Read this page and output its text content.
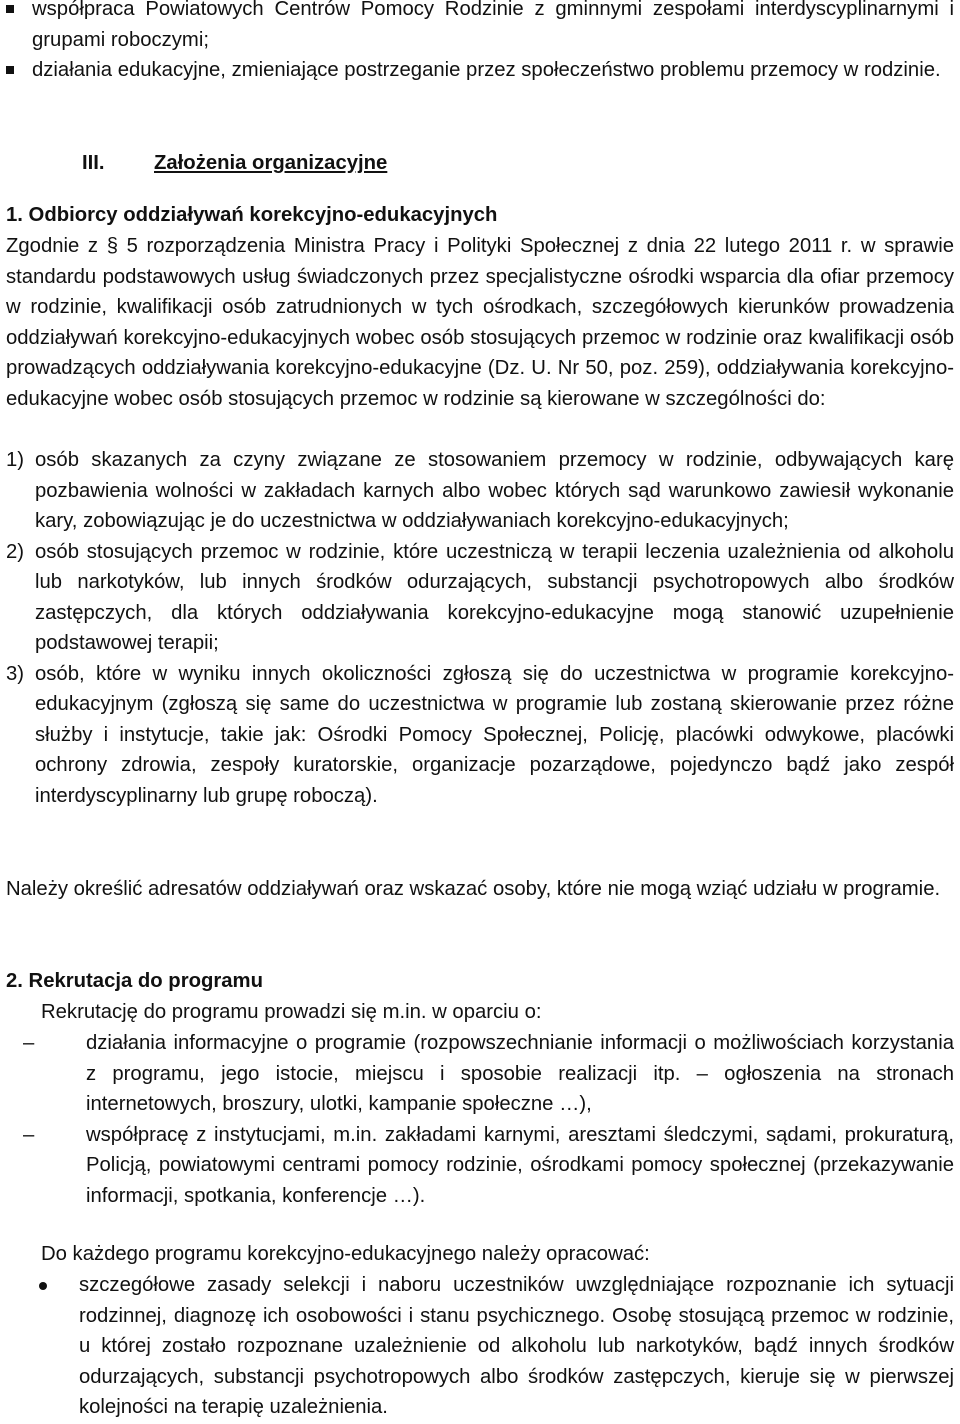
współpraca Powiatowych Centrów Pomocy Rodzinie z gminnymi zespołami interdyscyplinarnymi i grupami roboczymi;
działania edukacyjne, zmieniające postrzeganie przez społeczeństwo problemu przemocy w rodzinie.
III. Założenia organizacyjne
1. Odbiorcy oddziaływań korekcyjno-edukacyjnych

Zgodnie z § 5 rozporządzenia Ministra Pracy i Polityki Społecznej z dnia 22 lutego 2011 r. w sprawie standardu podstawowych usług świadczonych przez specjalistyczne ośrodki wsparcia dla ofiar przemocy w rodzinie, kwalifikacji osób zatrudnionych w tych ośrodkach, szczegółowych kierunków prowadzenia oddziaływań korekcyjno-edukacyjnych wobec osób stosujących przemoc w rodzinie oraz kwalifikacji osób prowadzących oddziaływania korekcyjno-edukacyjne (Dz. U. Nr 50, poz. 259), oddziaływania korekcyjno-edukacyjne wobec osób stosujących przemoc w rodzinie są kierowane w szczególności do:

1) osób skazanych za czyny związane ze stosowaniem przemocy w rodzinie, odbywających karę pozbawienia wolności w zakładach karnych albo wobec których sąd warunkowo zawiesił wykonanie kary, zobowiązując je do uczestnictwa w oddziaływaniach korekcyjno-edukacyjnych;
2) osób stosujących przemoc w rodzinie, które uczestniczą w terapii leczenia uzależnienia od alkoholu lub narkotyków, lub innych środków odurzających, substancji psychotropowych albo środków zastępczych, dla których oddziaływania korekcyjno-edukacyjne mogą stanowić uzupełnienie podstawowej terapii;
3) osób, które w wyniku innych okoliczności zgłoszą się do uczestnictwa w programie korekcyjno-edukacyjnym (zgłoszą się same do uczestnictwa w programie lub zostaną skierowanie przez różne służby i instytucje, takie jak: Ośrodki Pomocy Społecznej, Policję, placówki odwykowe, placówki ochrony zdrowia, zespoły kuratorskie, organizacje pozarządowe, pojedynczo bądź jako zespół interdyscyplinarny lub grupę roboczą).

Należy określić adresatów oddziaływań oraz wskazać osoby, które nie mogą wziąć udziału w programie.

2. Rekrutacja do programu
Rekrutację do programu prowadzi się m.in. w oparciu o:
–	działania informacyjne o programie (rozpowszechnianie informacji o możliwościach korzystania z programu, jego istocie, miejscu i sposobie realizacji itp. – ogłoszenia na stronach internetowych, broszury, ulotki, kampanie społeczne …),
–	współpracę z instytucjami, m.in. zakładami karnymi, aresztami śledczymi, sądami, prokuraturą, Policją, powiatowymi centrami pomocy rodzinie, ośrodkami pomocy społecznej (przekazywanie informacji, spotkania, konferencje …).
Do każdego programu korekcyjno-edukacyjnego należy opracować:
szczegółowe zasady selekcji i naboru uczestników uwzględniające rozpoznanie ich sytuacji rodzinnej, diagnozę ich osobowości i stanu psychicznego. Osobę stosującą przemoc w rodzinie, u której zostało rozpoznane uzależnienie od alkoholu lub narkotyków, bądź innych środków odurzających, substancji psychotropowych albo środków zastępczych, kieruje się w pierwszej kolejności na terapię uzależnienia.
